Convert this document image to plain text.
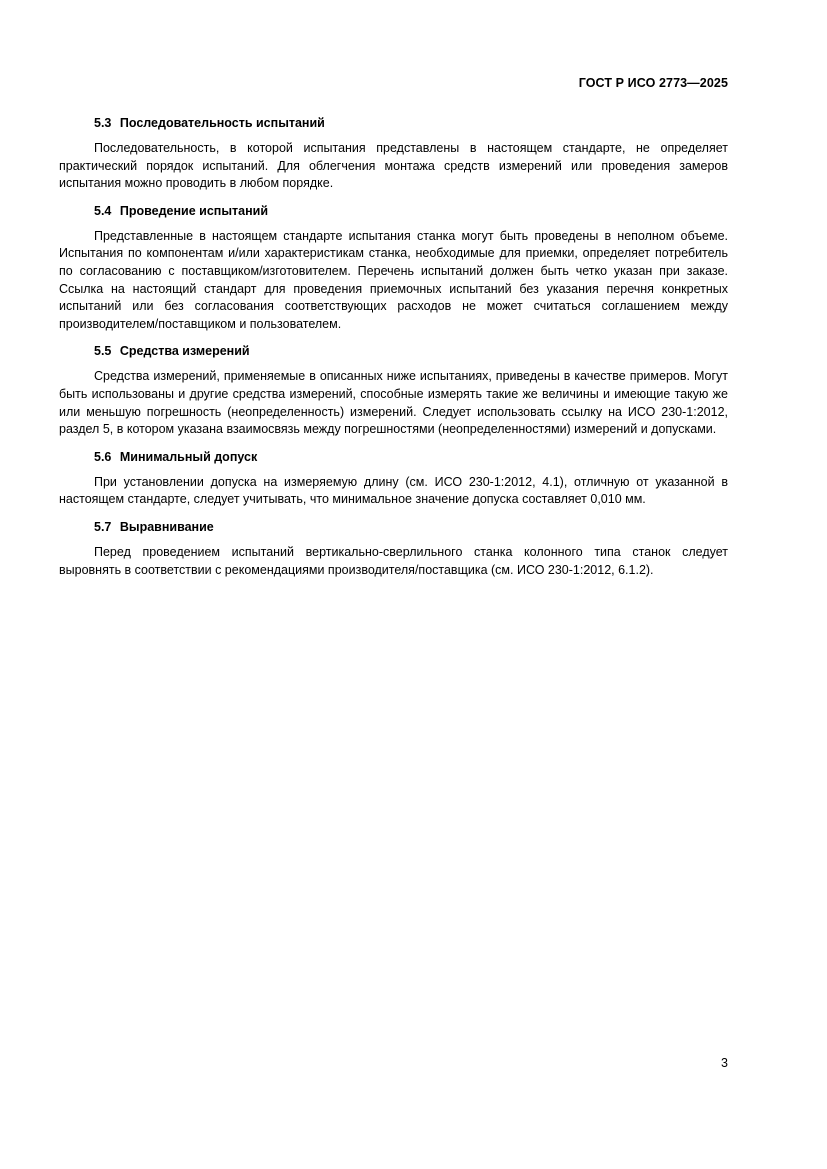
ГОСТ Р ИСО 2773—2025

5.3 Последовательность испытаний

Последовательность, в которой испытания представлены в настоящем стандарте, не определяет практический порядок испытаний. Для облегчения монтажа средств измерений или проведения замеров испытания можно проводить в любом порядке.

5.4 Проведение испытаний

Представленные в настоящем стандарте испытания станка могут быть проведены в неполном объеме. Испытания по компонентам и/или характеристикам станка, необходимые для приемки, определяет потребитель по согласованию с поставщиком/изготовителем. Перечень испытаний должен быть четко указан при заказе. Ссылка на настоящий стандарт для проведения приемочных испытаний без указания перечня конкретных испытаний или без согласования соответствующих расходов не может считаться соглашением между производителем/поставщиком и пользователем.

5.5 Средства измерений

Средства измерений, применяемые в описанных ниже испытаниях, приведены в качестве примеров. Могут быть использованы и другие средства измерений, способные измерять такие же величины и имеющие такую же или меньшую погрешность (неопределенность) измерений. Следует использовать ссылку на ИСО 230-1:2012, раздел 5, в котором указана взаимосвязь между погрешностями (неопределенностями) измерений и допусками.

5.6 Минимальный допуск

При установлении допуска на измеряемую длину (см. ИСО 230-1:2012, 4.1), отличную от указанной в настоящем стандарте, следует учитывать, что минимальное значение допуска составляет 0,010 мм.

5.7 Выравнивание

Перед проведением испытаний вертикально-сверлильного станка колонного типа станок следует выровнять в соответствии с рекомендациями производителя/поставщика (см. ИСО 230-1:2012, 6.1.2).

3
